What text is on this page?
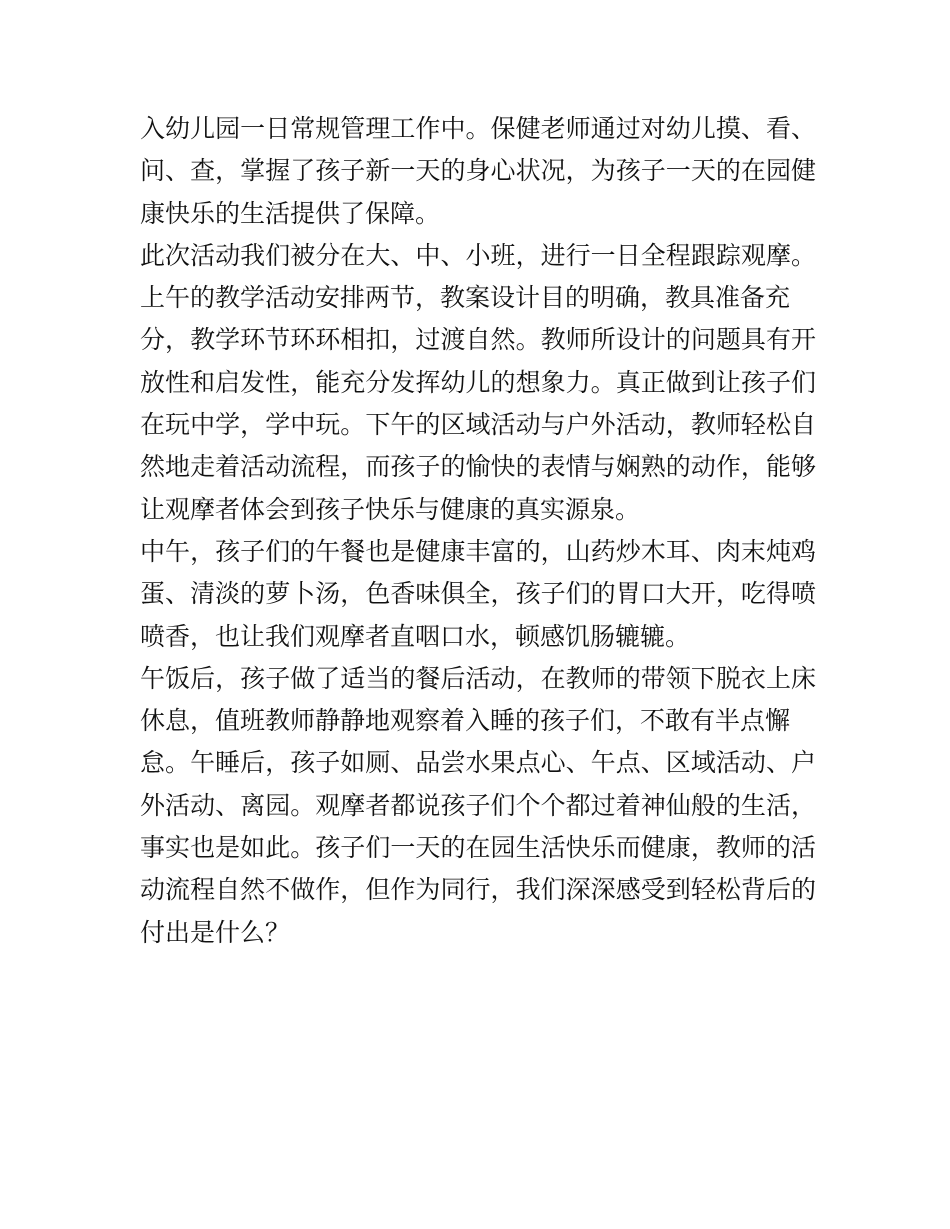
入幼儿园一日常规管理工作中。保健老师通过对幼儿摸、看、
问、查，掌握了孩子新一天的身心状况，为孩子一天的在园健
康快乐的生活提供了保障。
此次活动我们被分在大、中、小班，进行一日全程跟踪观摩。
上午的教学活动安排两节，教案设计目的明确，教具准备充
分，教学环节环环相扣，过渡自然。教师所设计的问题具有开
放性和启发性，能充分发挥幼儿的想象力。真正做到让孩子们
在玩中学，学中玩。下午的区域活动与户外活动，教师轻松自
然地走着活动流程，而孩子的愉快的表情与娴熟的动作，能够
让观摩者体会到孩子快乐与健康的真实源泉。
中午，孩子们的午餐也是健康丰富的，山药炒木耳、肉末炖鸡
蛋、清淡的萝卜汤，色香味俱全，孩子们的胃口大开，吃得喷
喷香，也让我们观摩者直咽口水，顿感饥肠辘辘。
午饭后，孩子做了适当的餐后活动，在教师的带领下脱衣上床
休息，值班教师静静地观察着入睡的孩子们，不敢有半点懈
怠。午睡后，孩子如厕、品尝水果点心、午点、区域活动、户
外活动、离园。观摩者都说孩子们个个都过着神仙般的生活，
事实也是如此。孩子们一天的在园生活快乐而健康，教师的活
动流程自然不做作，但作为同行，我们深深感受到轻松背后的
付出是什么？
